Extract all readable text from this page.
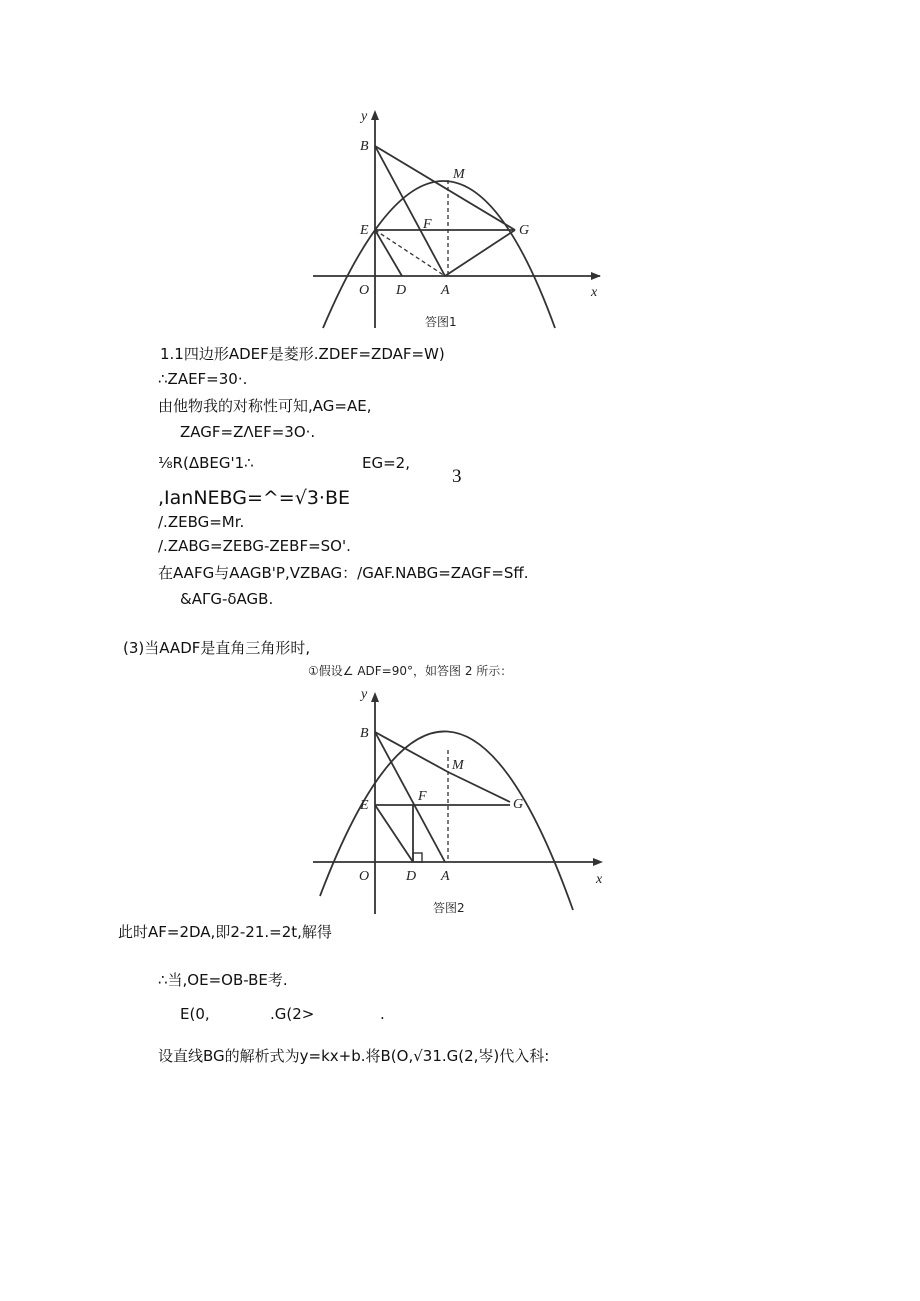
y
B
M
E	F	G
O D A	x
答图1
1.1四边形ADEF是菱形.ZDEF=ZDAF=W)
∴ZAEF=30·.
由他物我的对称性可知,AG=AE,
ZAGF=ZΛEF=3O·.
⅛R(ΔBEG'1∴	EG=2,
3
,IanNEBG=^=√3·BE
/.ZEBG=Mr.
/.ZABG=ZEBG-ZEBF=SO'.
在AAFG与AAGB'P,VZBAG：/GAF.NABG=ZAGF=Sff.
&AΓG-δAGB.
(3)当AADF是直角三角形时,
①假设∠ ADF=90°，如答图 2 所示：
y
B
M
E
F
G
O	D A	x
答图2
此时AF=2DA,即2-21.=2t,解得
∴当,OE=OB-BE考.
E(0,	.G(2>	.
设直线BG的解析式为y=kx+b.将B(O,√31.G(2,岑)代入科:
